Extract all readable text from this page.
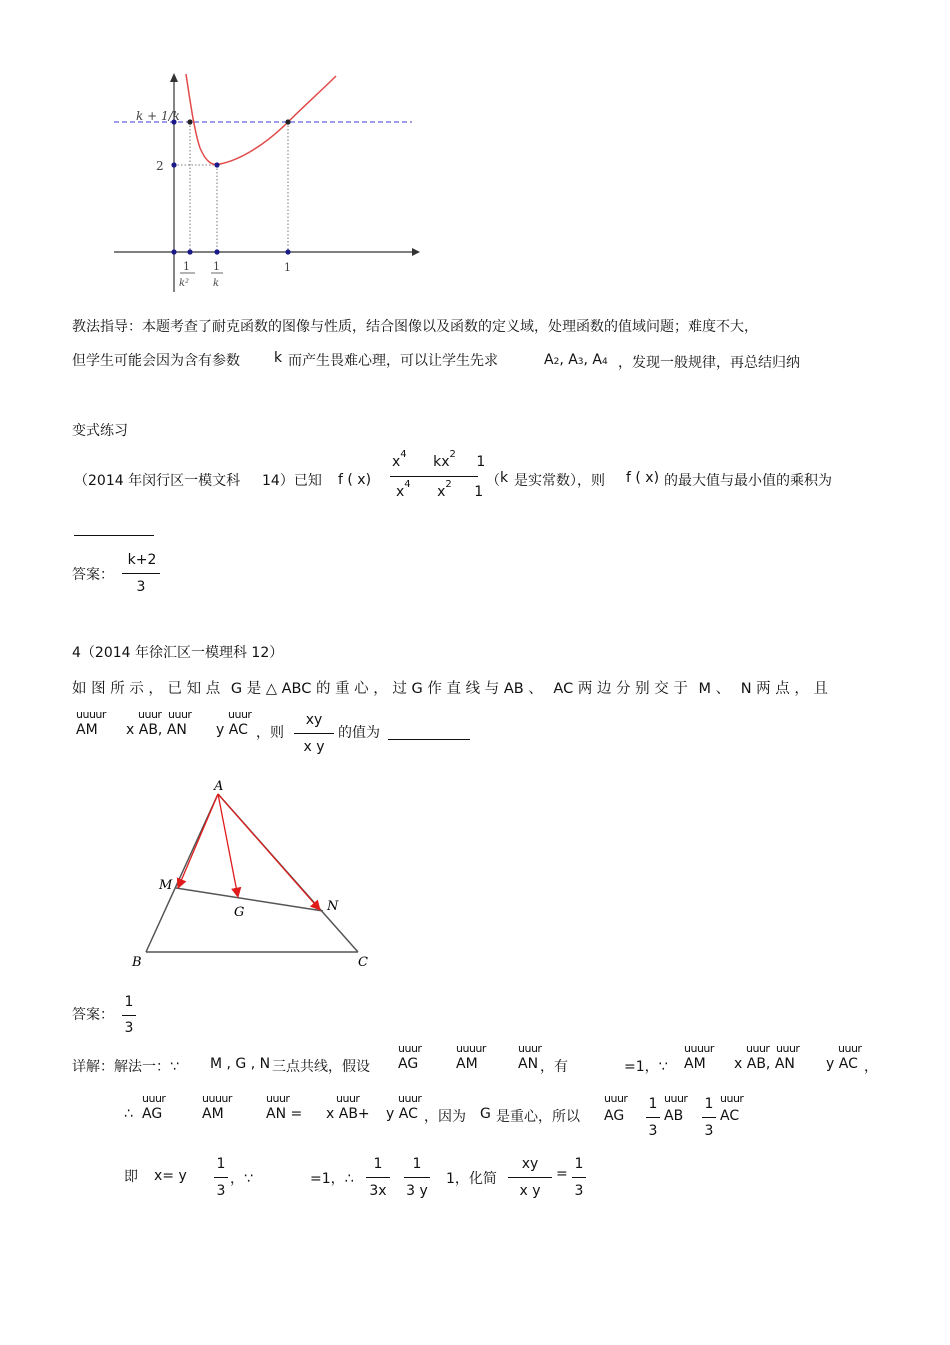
k + 1/k
2
1
k²
1
k
1
教法指导：本题考查了耐克函数的图像与性质，结合图像以及函数的定义域，处理函数的值域问题；难度不大，
但学生可能会因为含有参数 k 而产生畏难心理，可以让学生先求	A2, A3, A4 ，发现一般规律，再总结归纳
变式练习
（2014 年闵行区一模文科 14）已知 f ( x)
$x^4$ $kx^2$ 1
$x^4$ $x^2$ 1
（ k 是实常数），则 f ( x) 的最大值与最小值的乘积为
答案：
k+2
3
4（2014 年徐汇区一模理科 12）
如 图 所 示 ， 已 知 点 G 是 △ ABC 的 重 心 ， 过 G 作 直 线 与 AB 、 AC 两 边 分 别 交 于 M 、 N 两 点 ， 且
uuuur
AM
uuur uuur
x AB, AN
uuur
y AC ，则
xy
x y
的值为
A
B	C
M
N
G
答案：
1
3
详解：解法一：∵ M , G , N 三点共线，假设
uuur
AG
uuuur
AM
uuur
AN ，有	=1，∵
uuuur
AM
uuur uuur
x AB, AN
uuur
y AC ，
∴
uuur
AG
uuuur
AM
uuur
AN =
uuur
x AB+
uuur
y AC ，因为 G 是重心，所以
uuur
AG
1
3
uuur
AB
1
3
uuur
AC
即 x= y
1
3
，∵	=1，∴
1
3x
1
3 y
1，化简
xy
x y
=
1
3
